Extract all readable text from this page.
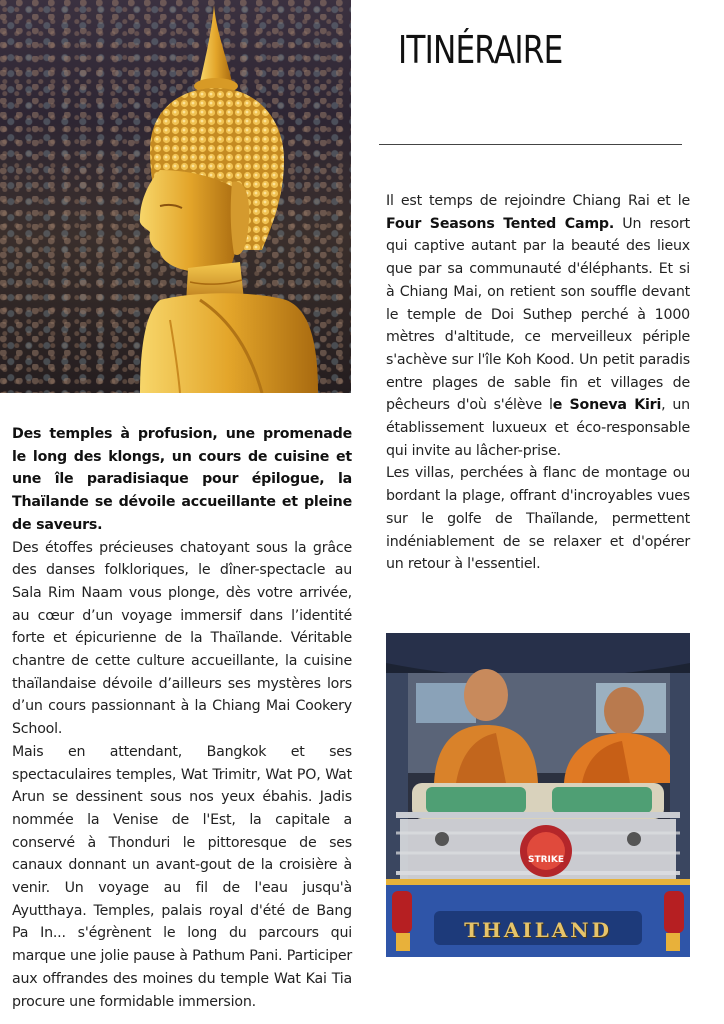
ITINÉRAIRE

Il est temps de rejoindre Chiang Rai et le Four Seasons Tented Camp. Un resort qui captive autant par la beauté des lieux que par sa communauté d'éléphants. Et si à Chiang Mai, on retient son souffle devant le temple de Doi Suthep perché à 1000 mètres d'altitude, ce merveilleux périple s'achève sur l'île Koh Kood. Un petit paradis entre plages de sable fin et villages de pêcheurs d'où s'élève le Soneva Kiri, un établissement luxueux et éco-responsable qui invite au lâcher-prise.

Les villas, perchées à flanc de montage ou bordant la plage, offrant d'incroyables vues sur le golfe de Thaïlande, permettent indéniablement de se relaxer et d'opérer un retour à l'essentiel.

Des temples à profusion, une promenade le long des klongs, un cours de cuisine et une île paradisiaque pour épilogue, la Thaïlande se dévoile accueillante et pleine de saveurs.

Des étoffes précieuses chatoyant sous la grâce des danses folkloriques, le dîner-spectacle au Sala Rim Naam vous plonge, dès votre arrivée, au cœur d’un voyage immersif dans l’identité forte et épicurienne de la Thaïlande. Véritable chantre de cette culture accueillante, la cuisine thaïlandaise dévoile d’ailleurs ses mystères lors d’un cours passionnant à la Chiang Mai Cookery School.

Mais en attendant, Bangkok et ses spectaculaires temples, Wat Trimitr, Wat PO, Wat Arun se dessinent sous nos yeux ébahis. Jadis nommée la Venise de l'Est, la capitale a conservé à Thonduri le pittoresque de ses canaux donnant un avant-gout de la croisière à venir. Un voyage au fil de l'eau jusqu'à Ayutthaya. Temples, palais royal d'été de Bang Pa In... s'égrènent le long du parcours qui marque une jolie pause à Pathum Pani. Participer aux offrandes des moines du temple Wat Kai Tia procure une formidable immersion.

STRIKE
THAILAND
